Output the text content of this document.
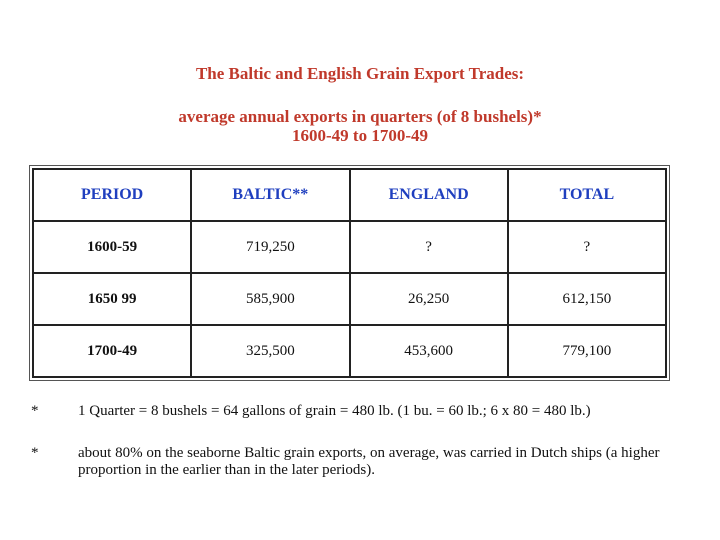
The Baltic and English Grain Export Trades:
average annual exports in quarters (of 8 bushels)*
1600-49 to 1700-49
PERIOD	BALTIC**	ENGLAND	TOTAL
1600-59	719,250	?	?
1650 99	585,900	26,250	612,150
1700-49	325,500	453,600	779,100
*	1 Quarter = 8 bushels = 64 gallons of grain = 480 lb. (1 bu. = 60 lb.; 6 x 80 = 480 lb.)
*	about 80% on the seaborne Baltic grain exports, on average, was carried in Dutch ships (a higher proportion in the earlier than in the later periods).
